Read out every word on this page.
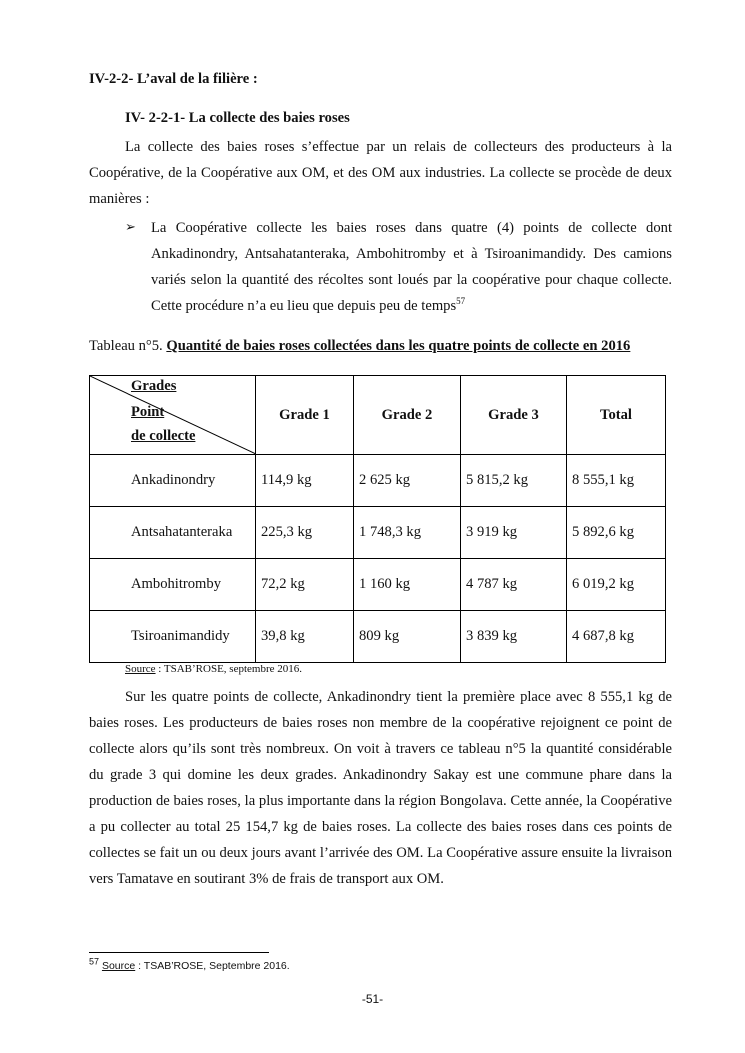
IV-2-2- L’aval de la filière :
IV- 2-2-1- La collecte des baies roses
La collecte des baies roses s’effectue par un relais de collecteurs des producteurs à la
Coopérative, de la Coopérative aux OM, et des OM aux industries. La collecte se procède de deux
manières :
➢ La Coopérative collecte les baies roses dans quatre (4) points de collecte dont
Ankadinondry, Antsahatanteraka, Ambohitromby et à Tsiroanimandidy. Des camions
variés selon la quantité des récoltes sont loués par la coopérative pour chaque collecte.
Cette procédure n’a eu lieu que depuis peu de temps$^{57}$
Tableau n°5. Quantité de baies roses collectées dans les quatre points de collecte en 2016
Grades
Point
de collecte	Grade 1	Grade 2	Grade 3	Total
Ankadinondry	114,9 kg	2 625 kg	5 815,2 kg	8 555,1 kg
Antsahatanteraka	225,3 kg	1 748,3 kg	3 919 kg	5 892,6 kg
Ambohitromby	72,2 kg	1 160 kg	4 787 kg	6 019,2 kg
Tsiroanimandidy	39,8 kg	809 kg	3 839 kg	4 687,8 kg
Source : TSAB’ROSE, septembre 2016.
Sur les quatre points de collecte, Ankadinondry tient la première place avec 8 555,1 kg de
baies roses. Les producteurs de baies roses non membre de la coopérative rejoignent ce point de
collecte alors qu’ils sont très nombreux. On voit à travers ce tableau n°5 la quantité considérable
du grade 3 qui domine les deux grades. Ankadinondry Sakay est une commune phare dans la
production de baies roses, la plus importante dans la région Bongolava. Cette année, la Coopérative
a pu collecter au total 25 154,7 kg de baies roses. La collecte des baies roses dans ces points de
collectes se fait un ou deux jours avant l’arrivée des OM. La Coopérative assure ensuite la livraison
vers Tamatave en soutirant 3% de frais de transport aux OM.
$^{57}$ Source : TSAB’ROSE, Septembre 2016.
-51-
